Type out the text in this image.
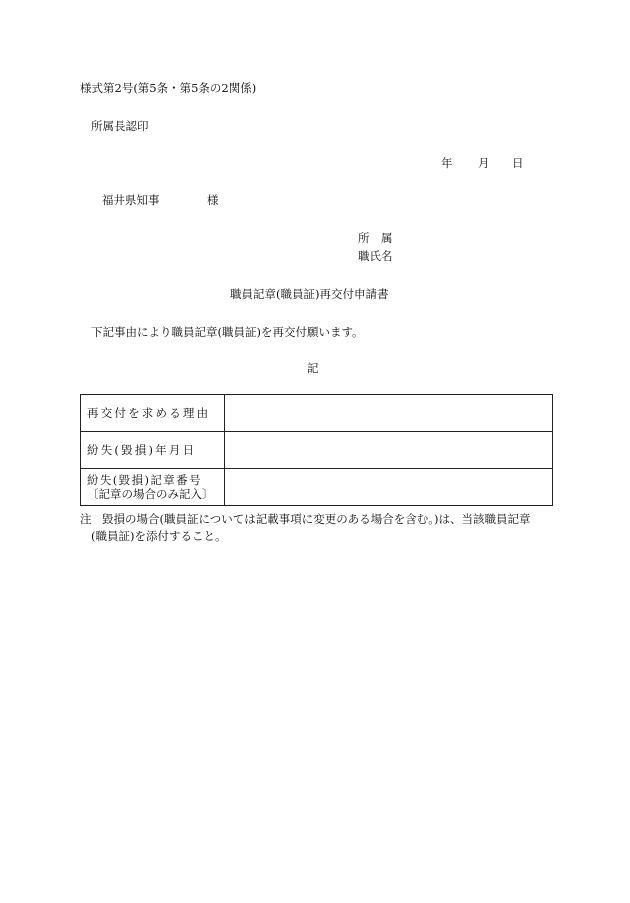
様式第2号(第5条・第5条の2関係)
所属長認印
年 月 日
福井県知事	様
所　属
職氏名
職員記章(職員証)再交付申請書
下記事由により職員記章(職員証)を再交付願います。
記
再交付を求める理由	
紛失(毀損)年月日	

紛失(毀損)記章番号
〔記章の場合のみ記入〕	

注 毀損の場合(職員証については記載事項に変更のある場合を含む。)は、当該職員記章
(職員証)を添付すること。
